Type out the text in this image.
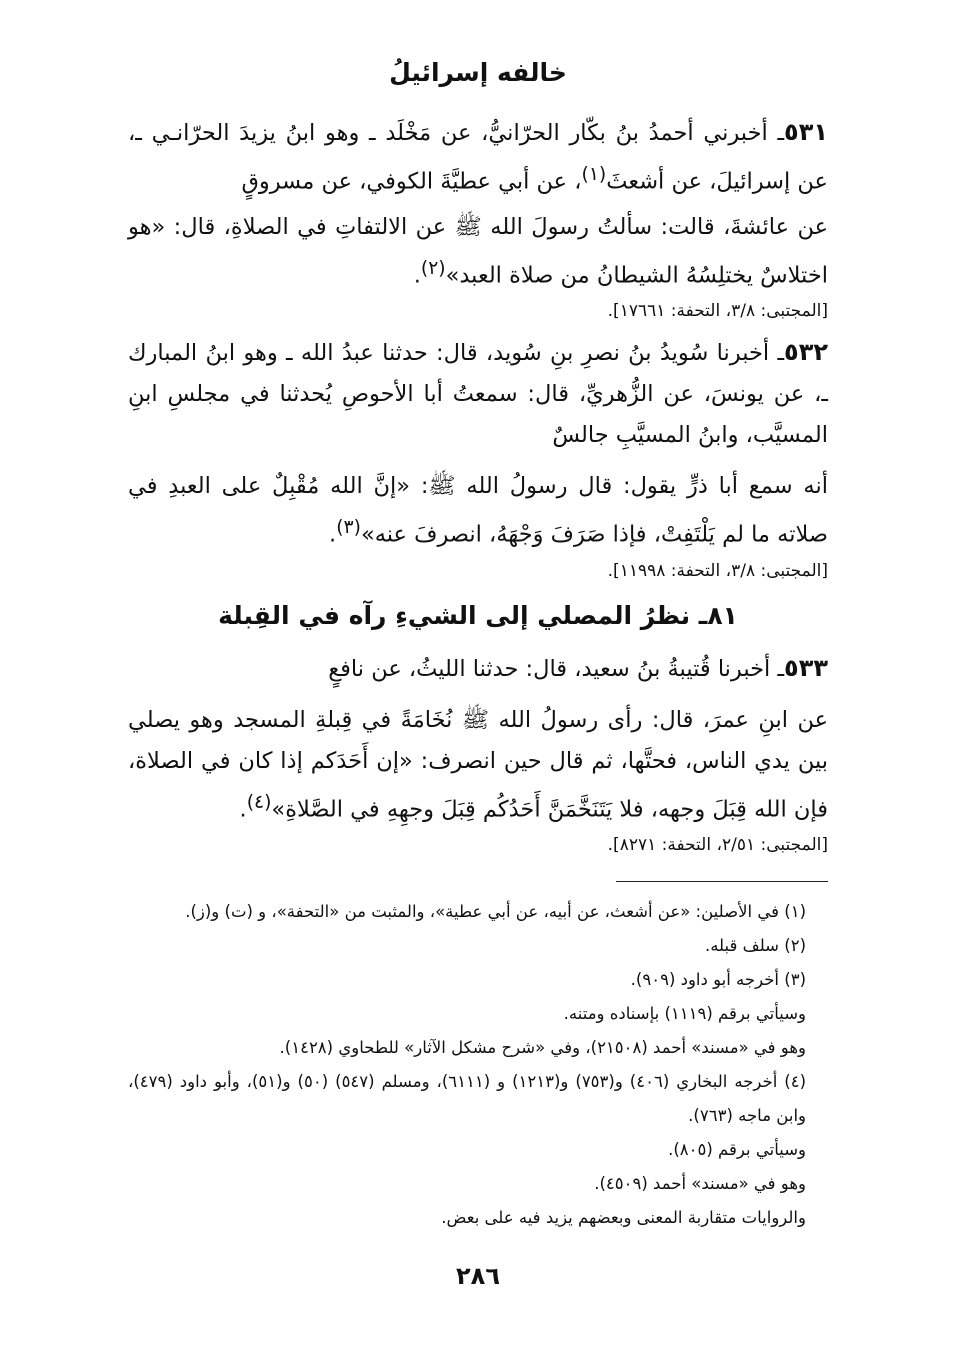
خالفه إسرائيلُ

٥٣١ـ أخبرني أحمدُ بنُ بكّار الحرّانيُّ، عن مَخْلَد ـ وهو ابنُ يزيدَ الحرّانـي ـ، عن إسرائيلَ، عن أشعثَ$^{(١)}$، عن أبي عطيَّةَ الكوفي، عن مسروقٍ

عن عائشةَ، قالت: سألتُ رسولَ الله ﷺ عن الالتفاتِ في الصلاةِ، قال: «هو اختلاسٌ يختلِسُهُ الشيطانُ من صلاة العبد»$^{(٢)}$.

[المجتبى: ٣/٨، التحفة: ١٧٦٦١].

٥٣٢ـ أخبرنا سُويدُ بنُ نصرِ بنِ سُويد، قال: حدثنا عبدُ الله ـ وهو ابنُ المبارك ـ، عن يونسَ، عن الزُّهريِّ، قال: سمعتُ أبا الأحوصِ يُحدثنا في مجلسِ ابنِ المسيَّب، وابنُ المسيَّبِ جالسٌ

أنه سمع أبا ذرٍّ يقول: قال رسولُ الله ﷺ: «إنَّ الله مُقْبِلٌ على العبدِ في صلاته ما لم يَلْتَفِتْ، فإذا صَرَفَ وَجْهَهُ، انصرفَ عنه»$^{(٣)}$.

[المجتبى: ٣/٨، التحفة: ١١٩٩٨].

٨١ـ نظرُ المصلي إلى الشيءِ رآه في القِبلة

٥٣٣ـ أخبرنا قُتيبةُ بنُ سعيد، قال: حدثنا الليثُ، عن نافعٍ

عن ابنِ عمرَ، قال: رأى رسولُ الله ﷺ نُخَامَةً في قِبلةِ المسجد وهو يصلي بين يدي الناس، فحتَّها، ثم قال حين انصرف: «إن أَحَدَكم إذا كان في الصلاة، فإن الله قِبَلَ وجهه، فلا يَتَنَخَّمَنَّ أَحَدُكُم قِبَلَ وجهِهِ في الصَّلاةِ»$^{(٤)}$.

[المجتبى: ٢/٥١، التحفة: ٨٢٧١].

(١) في الأصلين: «عن أشعث، عن أبيه، عن أبي عطية»، والمثبت من «التحفة»، و (ت) و(ز).

(٢) سلف قبله.

(٣) أخرجه أبو داود (٩٠٩).

وسيأتي برقم (١١١٩) بإسناده ومتنه.

وهو في «مسند» أحمد (٢١٥٠٨)، وفي «شرح مشكل الآثار» للطحاوي (١٤٢٨).

(٤) أخرجه البخاري (٤٠٦) و(٧٥٣) و(١٢١٣) و (٦١١١)، ومسلم (٥٤٧) (٥٠) و(٥١)، وأبو داود (٤٧٩)، وابن ماجه (٧٦٣).

وسيأتي برقم (٨٠٥).

وهو في «مسند» أحمد (٤٥٠٩).

والروايات متقاربة المعنى وبعضهم يزيد فيه على بعض.

٢٨٦
